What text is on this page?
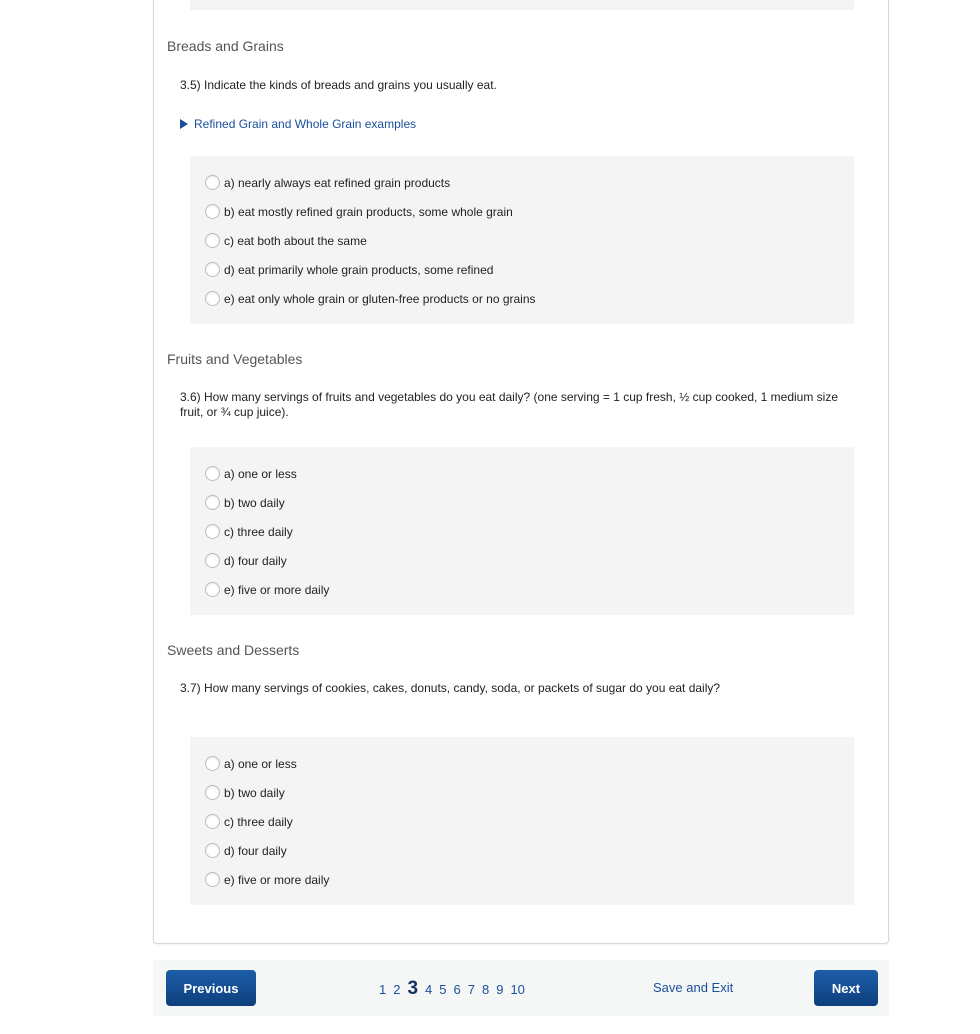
Breads and Grains
3.5) Indicate the kinds of breads and grains you usually eat.
Refined Grain and Whole Grain examples
a) nearly always eat refined grain products
b) eat mostly refined grain products, some whole grain
c) eat both about the same
d) eat primarily whole grain products, some refined
e) eat only whole grain or gluten-free products or no grains
Fruits and Vegetables
3.6) How many servings of fruits and vegetables do you eat daily? (one serving = 1 cup fresh, ½ cup cooked, 1 medium size fruit, or ¾ cup juice).
a) one or less
b) two daily
c) three daily
d) four daily
e) five or more daily
Sweets and Desserts
3.7) How many servings of cookies, cakes, donuts, candy, soda, or packets of sugar do you eat daily?
a) one or less
b) two daily
c) three daily
d) four daily
e) five or more daily
Previous	1 2 3 4 5 6 7 8 9 10	Save and Exit	Next
